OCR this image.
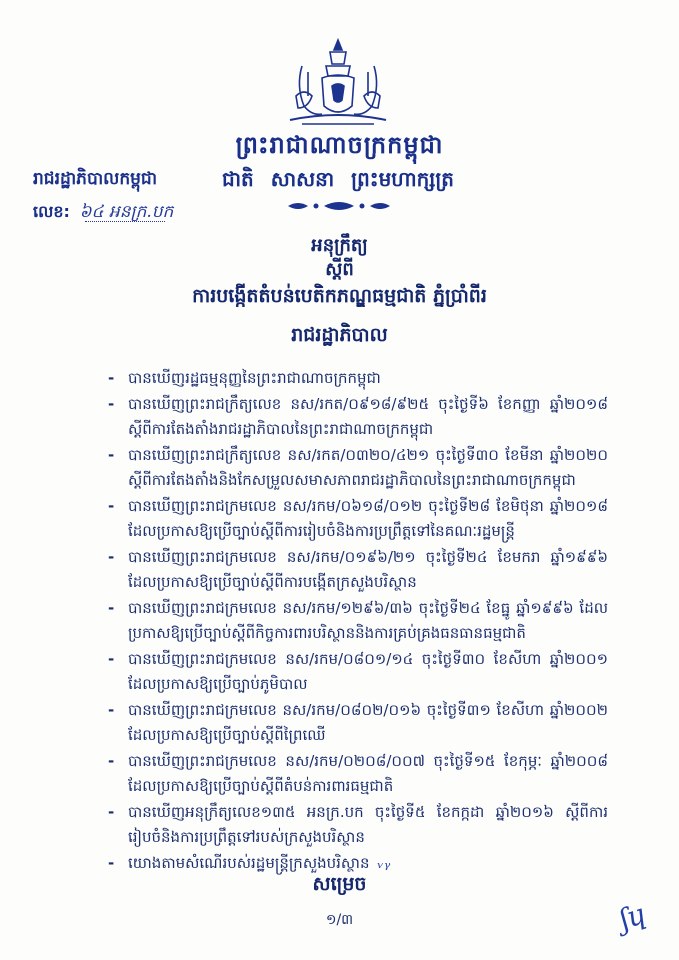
ព្រះរាជាណាចក្រកម្ពុជា
រាជរដ្ឋាភិបាលកម្ពុជា	ជាតិ សាសនា ព្រះមហាក្សត្រ
លេខ: ៦៤ អនក្រ.បក
អនុក្រឹត្យ
ស្តីពី
ការបង្កើតតំបន់បេតិកភណ្ឌធម្មជាតិ ភ្នំប្រាំពីរ
រាជរដ្ឋាភិបាល
- បានឃើញរដ្ឋធម្មនុញ្ញនៃព្រះរាជាណាចក្រកម្ពុជា
- បានឃើញព្រះរាជក្រឹត្យលេខ នស/រកត/០៩១៨/៩២៥ ចុះថ្ងៃទី៦ ខែកញ្ញា ឆ្នាំ២០១៨ ស្តីពីការតែងតាំងរាជរដ្ឋាភិបាលនៃព្រះរាជាណាចក្រកម្ពុជា
- បានឃើញព្រះរាជក្រឹត្យលេខ នស/រកត/០៣២០/៤២១ ចុះថ្ងៃទី៣០ ខែមីនា ឆ្នាំ២០២០ ស្តីពីការតែងតាំងនិងកែសម្រួលសមាសភាពរាជរដ្ឋាភិបាលនៃព្រះរាជាណាចក្រកម្ពុជា
- បានឃើញព្រះរាជក្រមលេខ នស/រកម/០៦១៨/០១២ ចុះថ្ងៃទី២៨ ខែមិថុនា ឆ្នាំ២០១៨ ដែលប្រកាសឱ្យប្រើច្បាប់ស្តីពីការរៀបចំនិងការប្រព្រឹត្តទៅនៃគណៈរដ្ឋមន្ត្រី
- បានឃើញព្រះរាជក្រមលេខ នស/រកម/០១៩៦/២១ ចុះថ្ងៃទី២៤ ខែមករា ឆ្នាំ១៩៩៦ ដែលប្រកាសឱ្យប្រើច្បាប់ស្តីពីការបង្កើតក្រសួងបរិស្ថាន
- បានឃើញព្រះរាជក្រមលេខ នស/រកម/១២៩៦/៣៦ ចុះថ្ងៃទី២៤ ខែធ្នូ ឆ្នាំ១៩៩៦ ដែលប្រកាសឱ្យប្រើច្បាប់ស្តីពីកិច្ចការពារបរិស្ថាននិងការគ្រប់គ្រងធនធានធម្មជាតិ
- បានឃើញព្រះរាជក្រមលេខ នស/រកម/០៨០១/១៤ ចុះថ្ងៃទី៣០ ខែសីហា ឆ្នាំ២០០១ ដែលប្រកាសឱ្យប្រើច្បាប់ភូមិបាល
- បានឃើញព្រះរាជក្រមលេខ នស/រកម/០៨០២/០១៦ ចុះថ្ងៃទី៣១ ខែសីហា ឆ្នាំ២០០២ ដែលប្រកាសឱ្យប្រើច្បាប់ស្តីពីព្រៃឈើ
- បានឃើញព្រះរាជក្រមលេខ នស/រកម/០២០៨/០០៧ ចុះថ្ងៃទី១៥ ខែកុម្ភៈ ឆ្នាំ២០០៨ ដែលប្រកាសឱ្យប្រើច្បាប់ស្តីពីតំបន់ការពារធម្មជាតិ
- បានឃើញអនុក្រឹត្យលេខ១៣៥ អនក្រ.បក ចុះថ្ងៃទី៥ ខែកក្កដា ឆ្នាំ២០១៦ ស្តីពីការរៀបចំនិងការប្រព្រឹត្តទៅរបស់ក្រសួងបរិស្ថាន
- យោងតាមសំណើរបស់រដ្ឋមន្ត្រីក្រសួងបរិស្ថាន ᵥᵧ
សម្រេច
១/៣	ʃɥ
